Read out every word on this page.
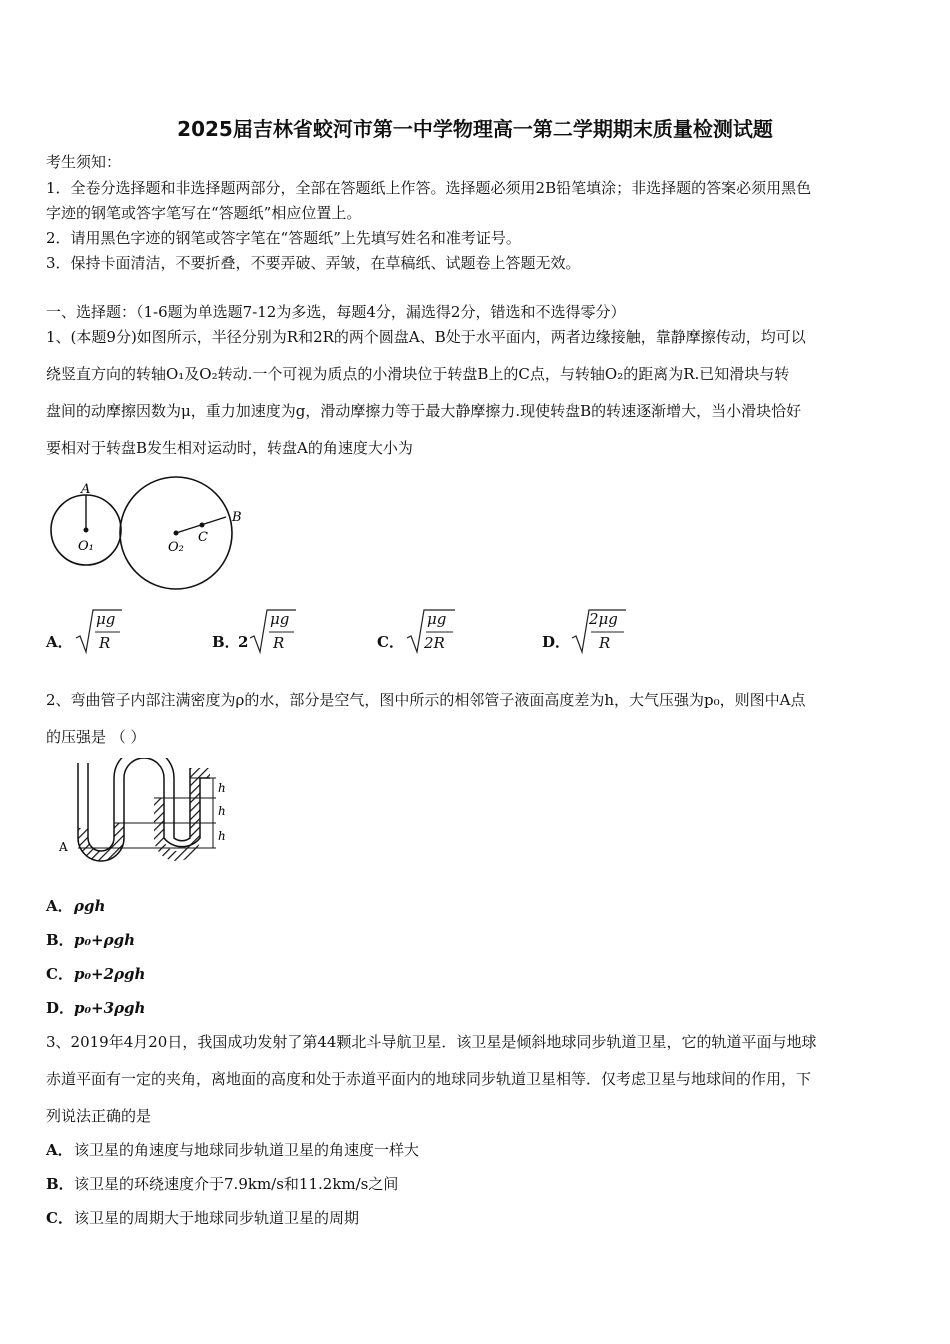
2025届吉林省蛟河市第一中学物理高一第二学期期末质量检测试题
考生须知：
1．全卷分选择题和非选择题两部分，全部在答题纸上作答。选择题必须用2B铅笔填涂；非选择题的答案必须用黑色
字迹的钢笔或答字笔写在“答题纸”相应位置上。
2．请用黑色字迹的钢笔或答字笔在“答题纸”上先填写姓名和准考证号。
3．保持卡面清洁，不要折叠，不要弄破、弄皱，在草稿纸、试题卷上答题无效。
一、选择题：（1-6题为单选题7-12为多选，每题4分，漏选得2分，错选和不选得零分）
1、(本题9分)如图所示，半径分别为R和2R的两个圆盘A、B处于水平面内，两者边缘接触，靠静摩擦传动，均可以
绕竖直方向的转轴O₁及O₂转动.一个可视为质点的小滑块位于转盘B上的C点，与转轴O₂的距离为R.已知滑块与转
盘间的动摩擦因数为μ，重力加速度为g，滑动摩擦力等于最大静摩擦力.现使转盘B的转速逐渐增大，当小滑块恰好
要相对于转盘B发生相对运动时，转盘A的角速度大小为
A
O₁	O₂
C
B
A．
μg
R	B．
2
μg
R	C．
μg
2R	D．
2μg
R
2、弯曲管子内部注满密度为ρ的水，部分是空气，图中所示的相邻管子液面高度差为h，大气压强为p₀，则图中A点
的压强是 （ ）
h
h
h
A
A． ρgh
B． p₀+ρgh
C． p₀+2ρgh
D． p₀+3ρgh
3、2019年4月20日，我国成功发射了第44颗北斗导航卫星．该卫星是倾斜地球同步轨道卫星，它的轨道平面与地球
赤道平面有一定的夹角，离地面的高度和处于赤道平面内的地球同步轨道卫星相等．仅考虑卫星与地球间的作用，下
列说法正确的是
A． 该卫星的角速度与地球同步轨道卫星的角速度一样大
B． 该卫星的环绕速度介于7.9km/s和11.2km/s之间
C． 该卫星的周期大于地球同步轨道卫星的周期
